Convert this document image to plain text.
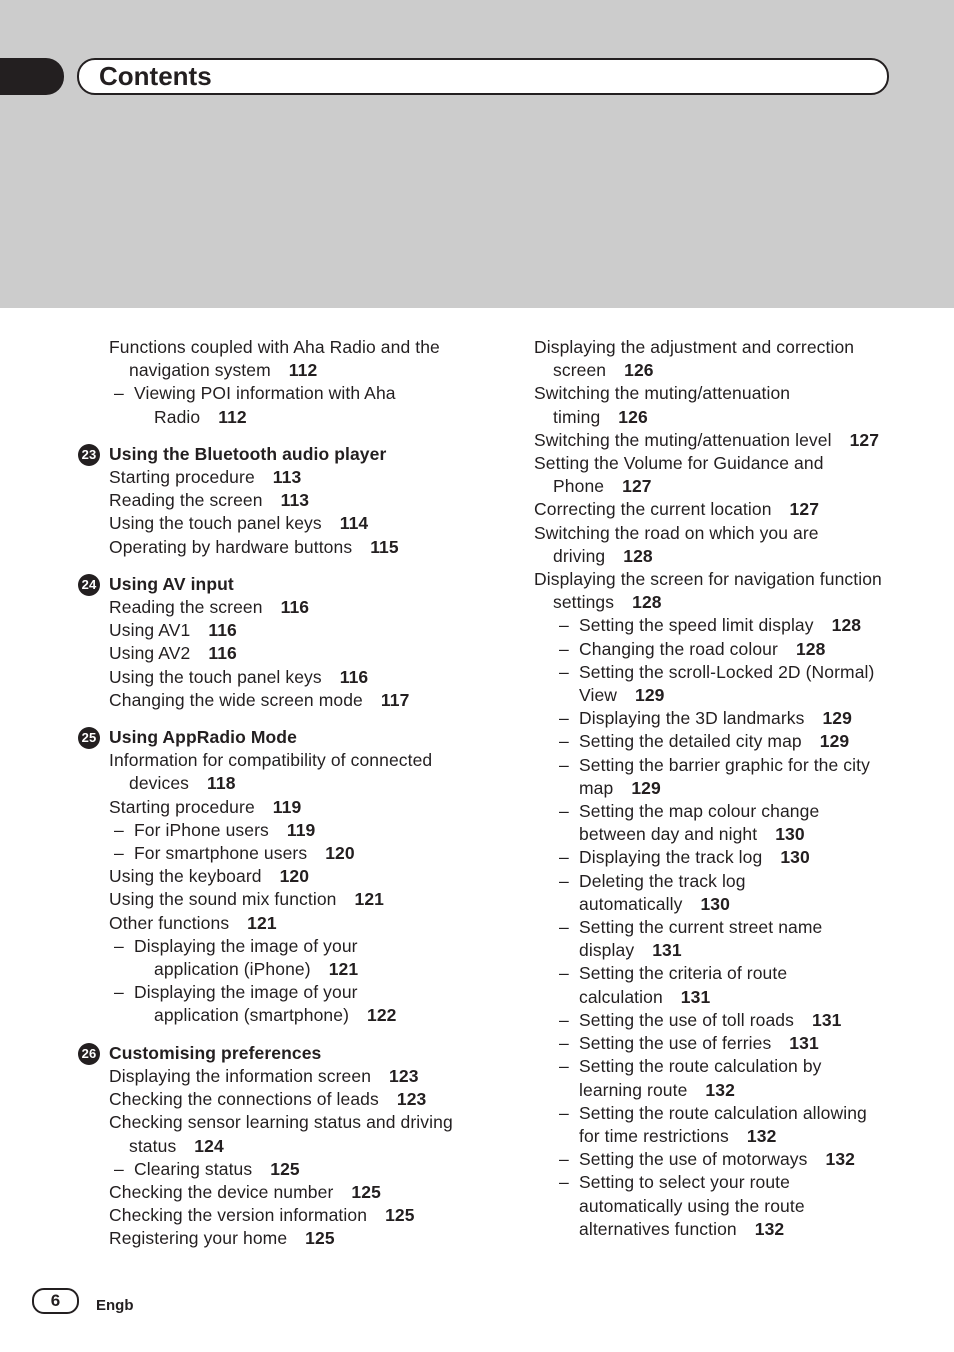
Contents
Functions coupled with Aha Radio and the
navigation system 112
– Viewing POI information with Aha
Radio 112
23 Using the Bluetooth audio player
Starting procedure 113
Reading the screen 113
Using the touch panel keys 114
Operating by hardware buttons 115
24 Using AV input
Reading the screen 116
Using AV1 116
Using AV2 116
Using the touch panel keys 116
Changing the wide screen mode 117
25 Using AppRadio Mode
Information for compatibility of connected
devices 118
Starting procedure 119
– For iPhone users 119
– For smartphone users 120
Using the keyboard 120
Using the sound mix function 121
Other functions 121
– Displaying the image of your
application (iPhone) 121
– Displaying the image of your
application (smartphone) 122
26 Customising preferences
Displaying the information screen 123
Checking the connections of leads 123
Checking sensor learning status and driving
status 124
– Clearing status 125
Checking the device number 125
Checking the version information 125
Registering your home 125
Displaying the adjustment and correction
screen 126
Switching the muting/attenuation
timing 126
Switching the muting/attenuation level 127
Setting the Volume for Guidance and
Phone 127
Correcting the current location 127
Switching the road on which you are
driving 128
Displaying the screen for navigation function
settings 128
– Setting the speed limit display 128
– Changing the road colour 128
– Setting the scroll-Locked 2D (Normal)
View 129
– Displaying the 3D landmarks 129
– Setting the detailed city map 129
– Setting the barrier graphic for the city
map 129
– Setting the map colour change
between day and night 130
– Displaying the track log 130
– Deleting the track log
automatically 130
– Setting the current street name
display 131
– Setting the criteria of route
calculation 131
– Setting the use of toll roads 131
– Setting the use of ferries 131
– Setting the route calculation by
learning route 132
– Setting the route calculation allowing
for time restrictions 132
– Setting the use of motorways 132
– Setting to select your route
automatically using the route
alternatives function 132
6	Engb
